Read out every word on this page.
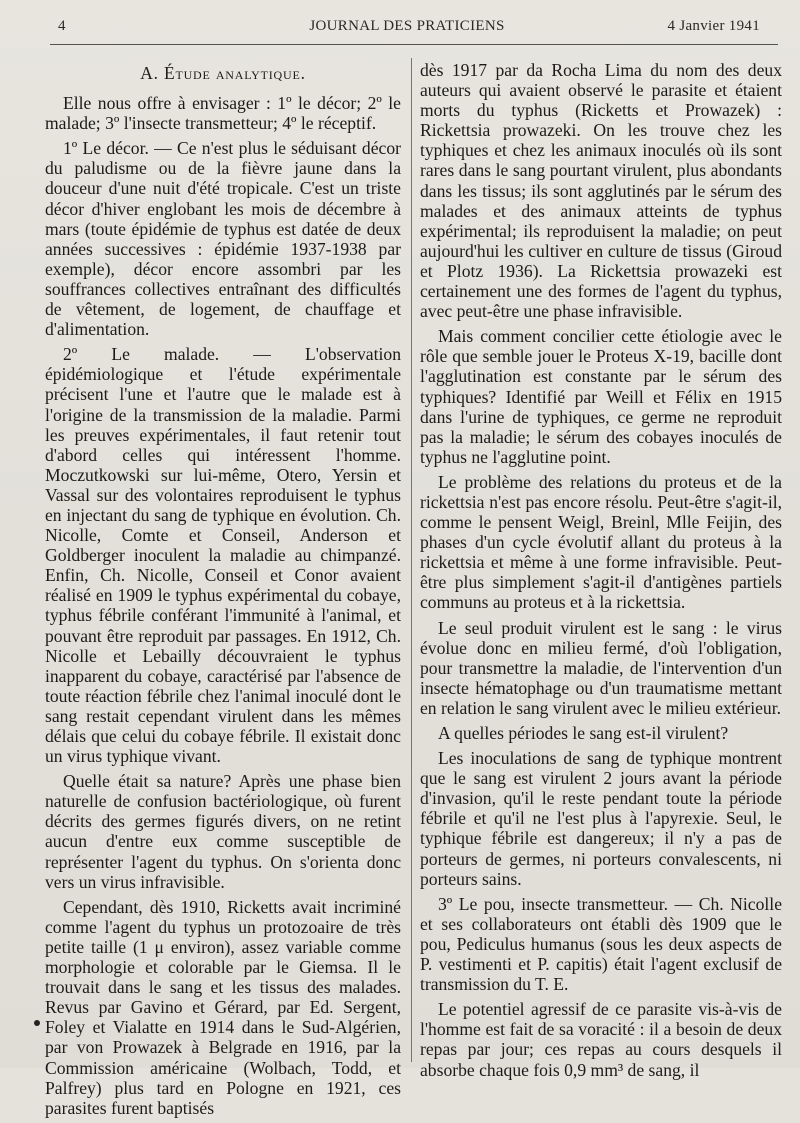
4	JOURNAL DES PRATICIENS	4 Janvier 1941
A. Étude analytique.

Elle nous offre à envisager : 1º le décor; 2º le malade; 3º l'insecte transmetteur; 4º le réceptif.

1º Le décor. — Ce n'est plus le séduisant décor du paludisme ou de la fièvre jaune dans la douceur d'une nuit d'été tropicale. C'est un triste décor d'hiver englobant les mois de décembre à mars (toute épidémie de typhus est datée de deux années successives : épidémie 1937-1938 par exemple), décor encore assombri par les souffrances collectives entraînant des difficultés de vêtement, de logement, de chauffage et d'alimentation.

2º Le malade. — L'observation épidémiologique et l'étude expérimentale précisent l'une et l'autre que le malade est à l'origine de la transmission de la maladie. Parmi les preuves expérimentales, il faut retenir tout d'abord celles qui intéressent l'homme. Moczutkowski sur lui-même, Otero, Yersin et Vassal sur des volontaires reproduisent le typhus en injectant du sang de typhique en évolution. Ch. Nicolle, Comte et Conseil, Anderson et Goldberger inoculent la maladie au chimpanzé. Enfin, Ch. Nicolle, Conseil et Conor avaient réalisé en 1909 le typhus expérimental du cobaye, typhus fébrile conférant l'immunité à l'animal, et pouvant être reproduit par passages. En 1912, Ch. Nicolle et Lebailly découvraient le typhus inapparent du cobaye, caractérisé par l'absence de toute réaction fébrile chez l'animal inoculé dont le sang restait cependant virulent dans les mêmes délais que celui du cobaye fébrile. Il existait donc un virus typhique vivant.

Quelle était sa nature? Après une phase bien naturelle de confusion bactériologique, où furent décrits des germes figurés divers, on ne retint aucun d'entre eux comme susceptible de représenter l'agent du typhus. On s'orienta donc vers un virus infravisible.

Cependant, dès 1910, Ricketts avait incriminé comme l'agent du typhus un protozoaire de très petite taille (1 μ environ), assez variable comme morphologie et colorable par le Giemsa. Il le trouvait dans le sang et les tissus des malades. Revus par Gavino et Gérard, par Ed. Sergent, Foley et Vialatte en 1914 dans le Sud-Algérien, par von Prowazek à Belgrade en 1916, par la Commission américaine (Wolbach, Todd, et Palfrey) plus tard en Pologne en 1921, ces parasites furent baptisés

dès 1917 par da Rocha Lima du nom des deux auteurs qui avaient observé le parasite et étaient morts du typhus (Ricketts et Prowazek) : Rickettsia prowazeki. On les trouve chez les typhiques et chez les animaux inoculés où ils sont rares dans le sang pourtant virulent, plus abondants dans les tissus; ils sont agglutinés par le sérum des malades et des animaux atteints de typhus expérimental; ils reproduisent la maladie; on peut aujourd'hui les cultiver en culture de tissus (Giroud et Plotz 1936). La Rickettsia prowazeki est certainement une des formes de l'agent du typhus, avec peut-être une phase infravisible.

Mais comment concilier cette étiologie avec le rôle que semble jouer le Proteus X-19, bacille dont l'agglutination est constante par le sérum des typhiques? Identifié par Weill et Félix en 1915 dans l'urine de typhiques, ce germe ne reproduit pas la maladie; le sérum des cobayes inoculés de typhus ne l'agglutine point.

Le problème des relations du proteus et de la rickettsia n'est pas encore résolu. Peut-être s'agit-il, comme le pensent Weigl, Breinl, Mlle Feijin, des phases d'un cycle évolutif allant du proteus à la rickettsia et même à une forme infravisible. Peut-être plus simplement s'agit-il d'antigènes partiels communs au proteus et à la rickettsia.

Le seul produit virulent est le sang : le virus évolue donc en milieu fermé, d'où l'obligation, pour transmettre la maladie, de l'intervention d'un insecte hématophage ou d'un traumatisme mettant en relation le sang virulent avec le milieu extérieur.

A quelles périodes le sang est-il virulent?

Les inoculations de sang de typhique montrent que le sang est virulent 2 jours avant la période d'invasion, qu'il le reste pendant toute la période fébrile et qu'il ne l'est plus à l'apyrexie. Seul, le typhique fébrile est dangereux; il n'y a pas de porteurs de germes, ni porteurs convalescents, ni porteurs sains.

3º Le pou, insecte transmetteur. — Ch. Nicolle et ses collaborateurs ont établi dès 1909 que le pou, Pediculus humanus (sous les deux aspects de P. vestimenti et P. capitis) était l'agent exclusif de transmission du T. E.

Le potentiel agressif de ce parasite vis-à-vis de l'homme est fait de sa voracité : il a besoin de deux repas par jour; ces repas au cours desquels il absorbe chaque fois 0,9 mm³ de sang, il
